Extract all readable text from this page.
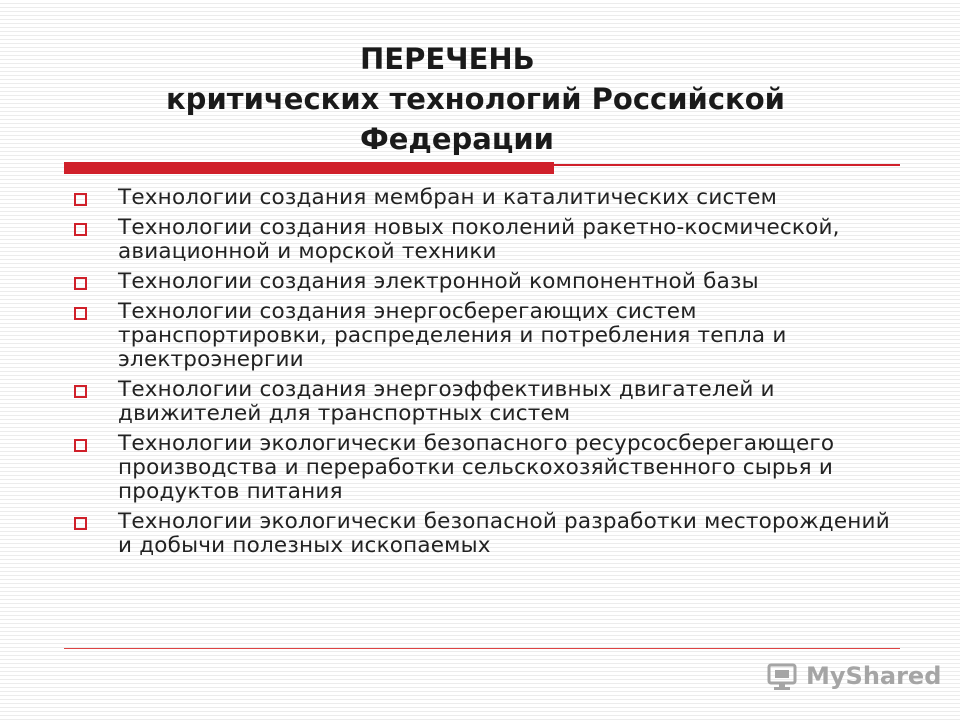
ПЕРЕЧЕНЬ
критических технологий Российской
Федерации
Технологии создания мембран и каталитических систем
Технологии создания новых поколений ракетно-космической, авиационной и морской техники
Технологии создания электронной компонентной базы
Технологии создания энергосберегающих систем транспортировки, распределения и потребления тепла и электроэнергии
Технологии создания энергоэффективных двигателей и движителей для транспортных систем
Технологии экологически безопасного ресурсосберегающего производства и переработки сельскохозяйственного сырья и продуктов питания
Технологии экологически безопасной разработки месторождений и добычи полезных ископаемых
MyShared
